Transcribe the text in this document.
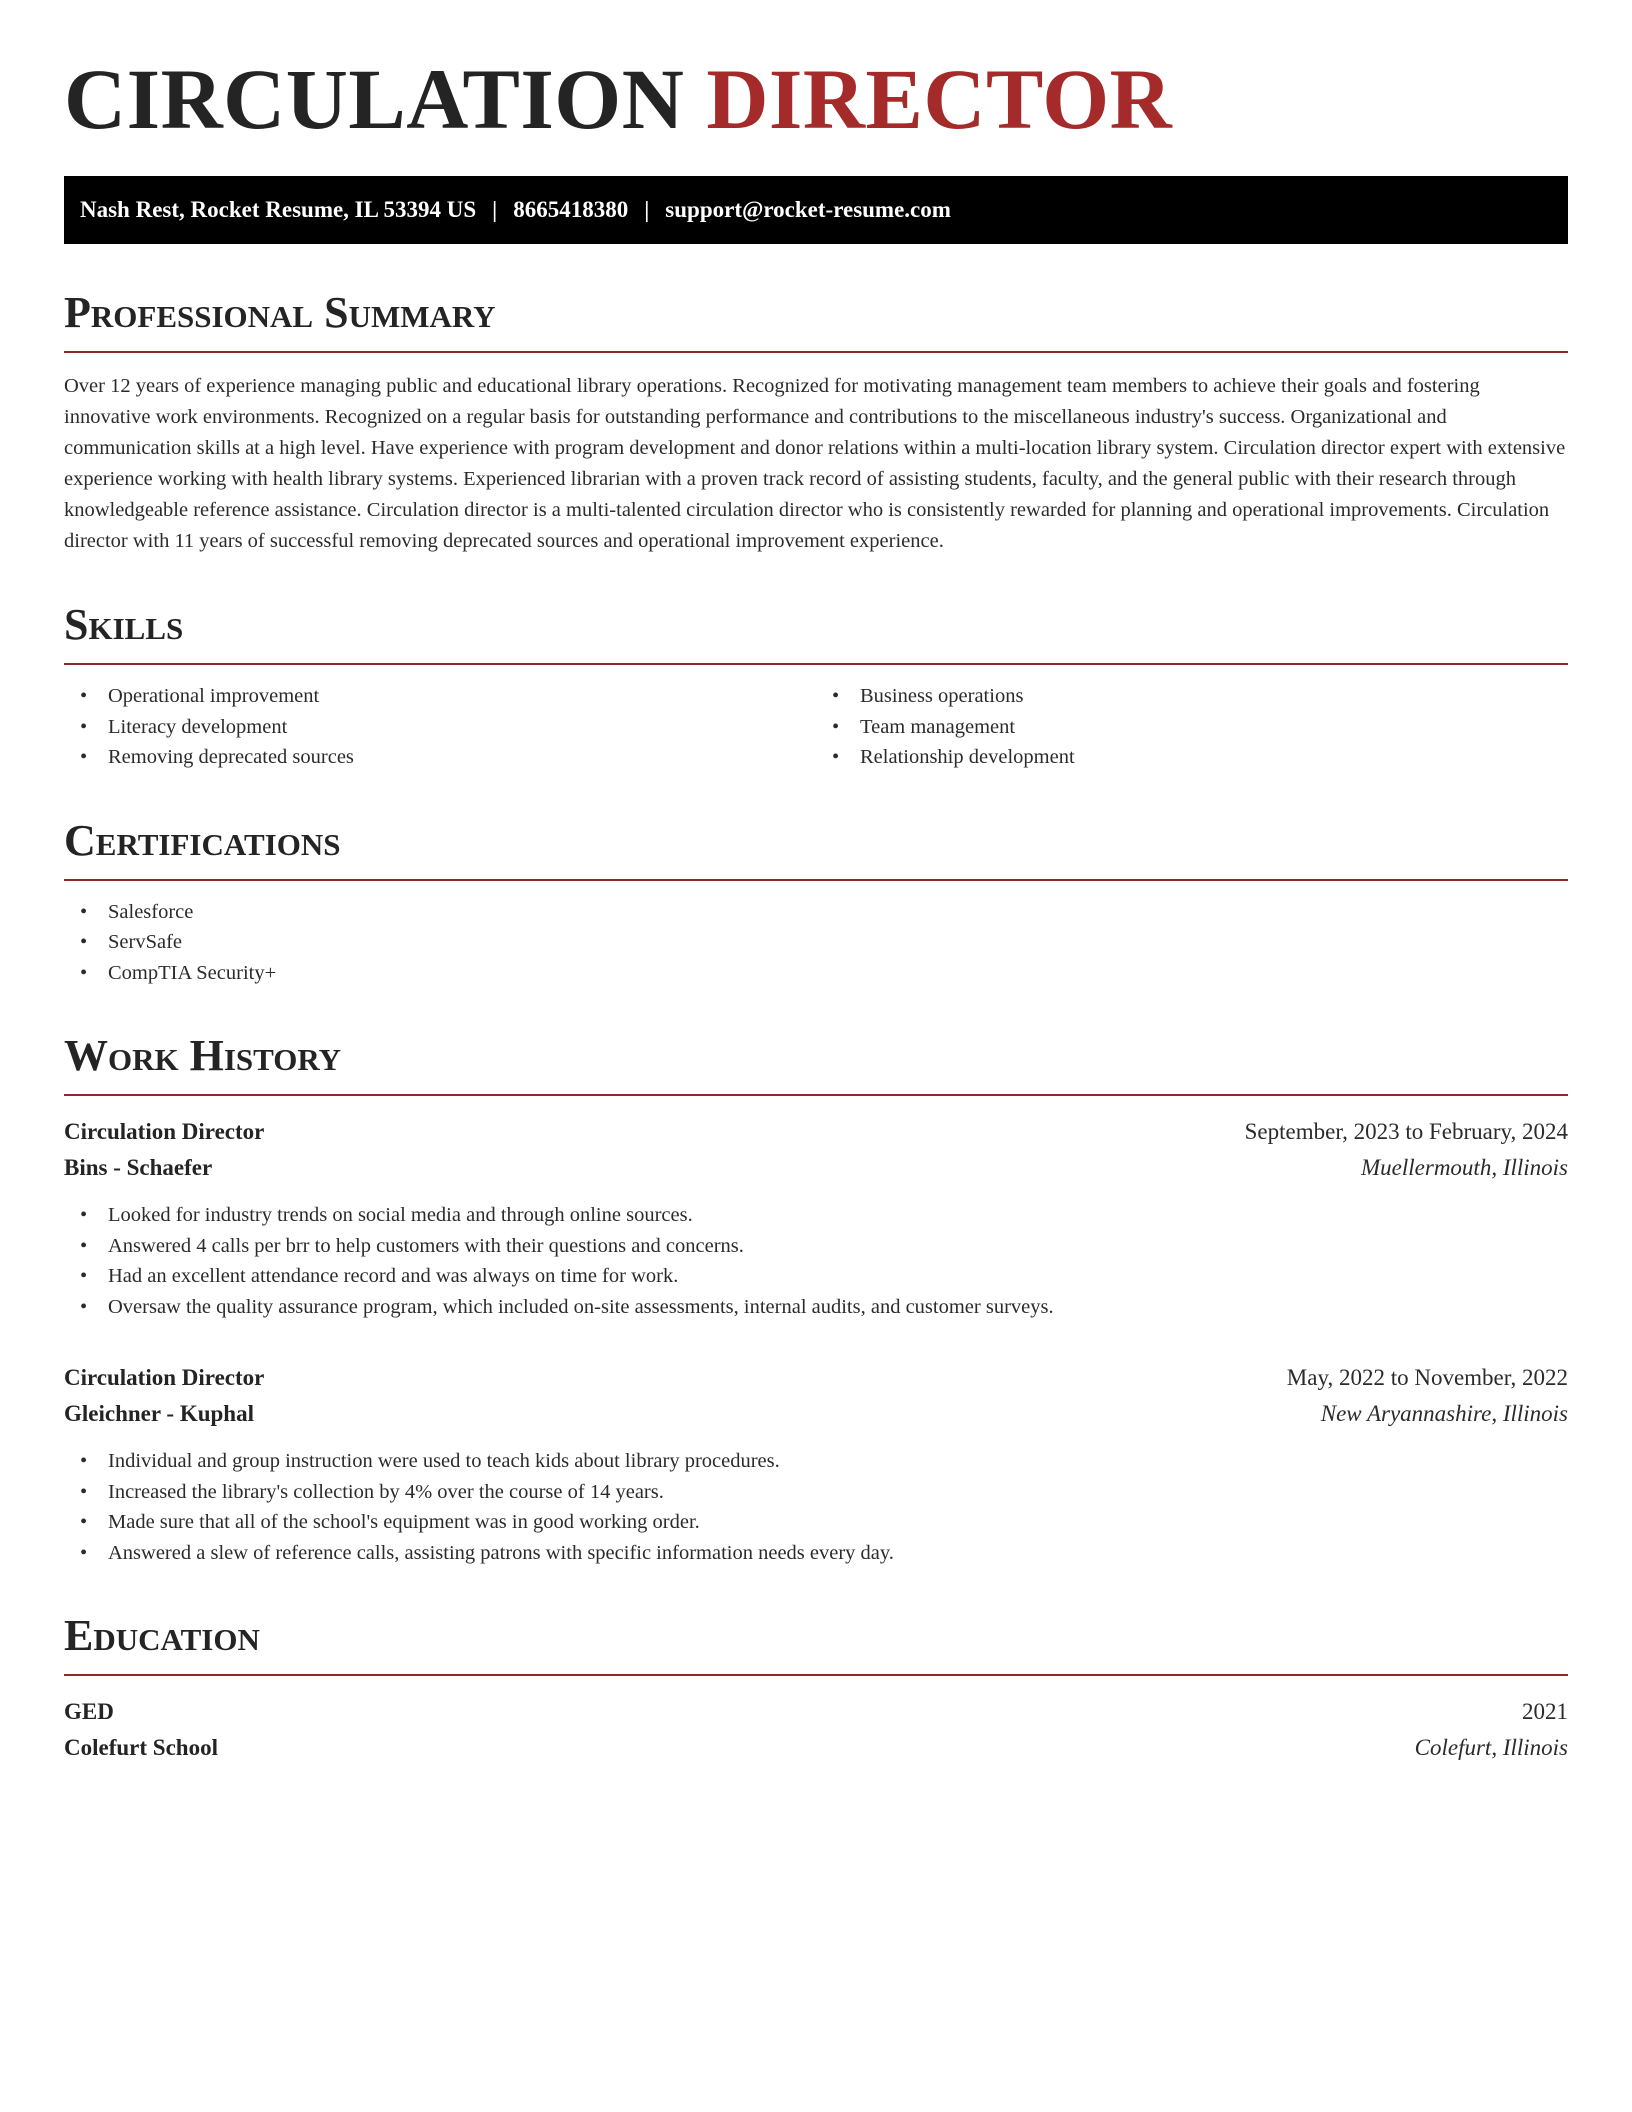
CIRCULATION DIRECTOR
Nash Rest, Rocket Resume, IL 53394 US | 8665418380 | support@rocket-resume.com
Professional Summary

Over 12 years of experience managing public and educational library operations. Recognized for motivating management team members to achieve their goals and fostering innovative work environments. Recognized on a regular basis for outstanding performance and contributions to the miscellaneous industry's success. Organizational and communication skills at a high level. Have experience with program development and donor relations within a multi-location library system. Circulation director expert with extensive experience working with health library systems. Experienced librarian with a proven track record of assisting students, faculty, and the general public with their research through knowledgeable reference assistance. Circulation director is a multi-talented circulation director who is consistently rewarded for planning and operational improvements. Circulation director with 11 years of successful removing deprecated sources and operational improvement experience.

Skills
• Operational improvement
• Literacy development
• Removing deprecated sources
• Business operations
• Team management
• Relationship development
Certifications
• Salesforce
• ServSafe
• CompTIA Security+
Work History
Circulation Director	September, 2023 to February, 2024
Bins - Schaefer	Muellermouth, Illinois
• Looked for industry trends on social media and through online sources.
• Answered 4 calls per brr to help customers with their questions and concerns.
• Had an excellent attendance record and was always on time for work.
• Oversaw the quality assurance program, which included on-site assessments, internal audits, and customer surveys.
Circulation Director	May, 2022 to November, 2022
Gleichner - Kuphal	New Aryannashire, Illinois
• Individual and group instruction were used to teach kids about library procedures.
• Increased the library's collection by 4% over the course of 14 years.
• Made sure that all of the school's equipment was in good working order.
• Answered a slew of reference calls, assisting patrons with specific information needs every day.
Education
GED	2021
Colefurt School	Colefurt, Illinois
